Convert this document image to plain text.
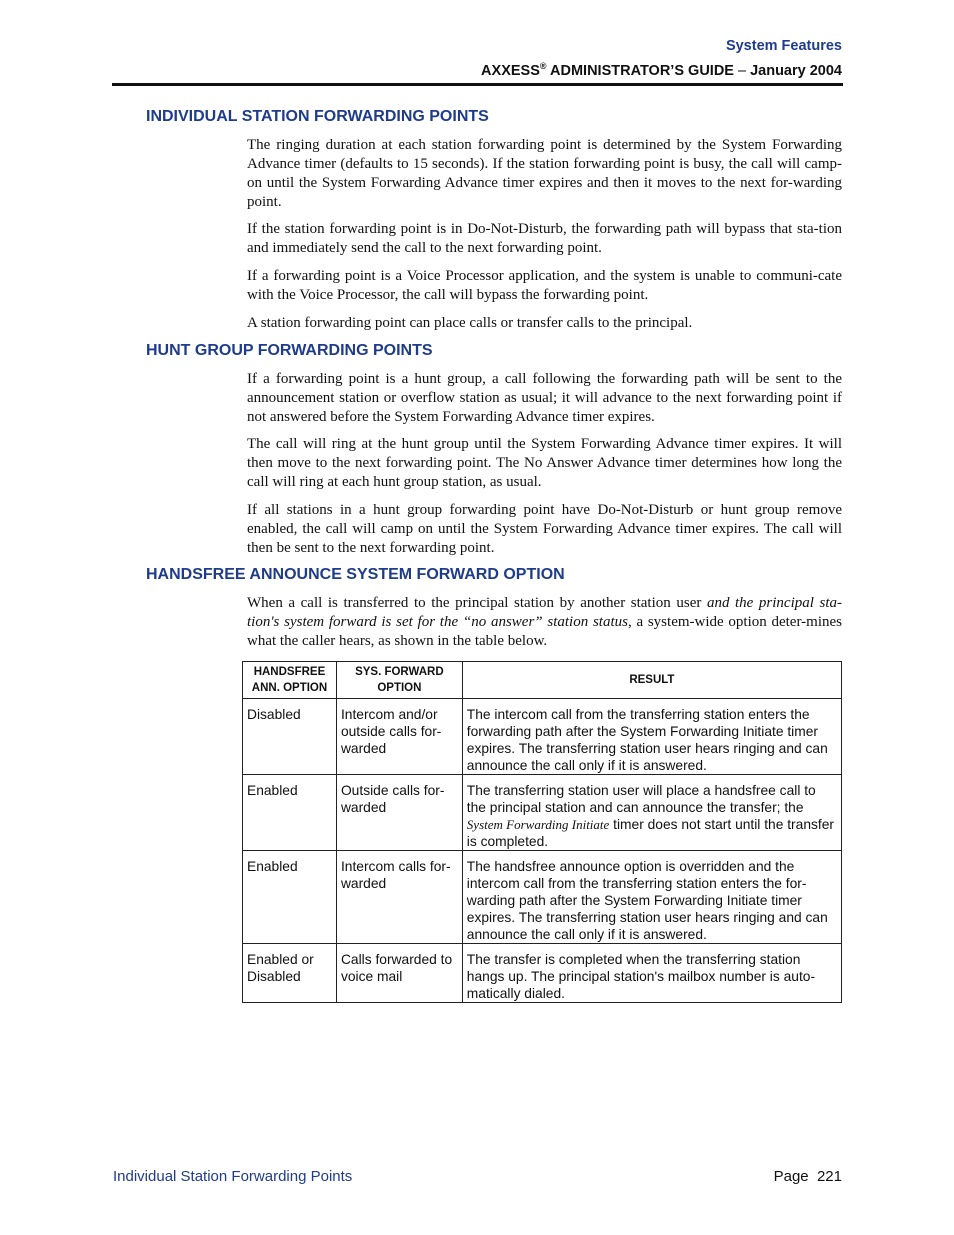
System Features
AXXESS® ADMINISTRATOR’S GUIDE – January 2004
INDIVIDUAL STATION FORWARDING POINTS

The ringing duration at each station forwarding point is determined by the System Forwarding Advance timer (defaults to 15 seconds). If the station forwarding point is busy, the call will camp-on until the System Forwarding Advance timer expires and then it moves to the next for-warding point.

If the station forwarding point is in Do-Not-Disturb, the forwarding path will bypass that sta-tion and immediately send the call to the next forwarding point.

If a forwarding point is a Voice Processor application, and the system is unable to communi-cate with the Voice Processor, the call will bypass the forwarding point.

A station forwarding point can place calls or transfer calls to the principal.

HUNT GROUP FORWARDING POINTS

If a forwarding point is a hunt group, a call following the forwarding path will be sent to the announcement station or overflow station as usual; it will advance to the next forwarding point if not answered before the System Forwarding Advance timer expires.

The call will ring at the hunt group until the System Forwarding Advance timer expires. It will then move to the next forwarding point. The No Answer Advance timer determines how long the call will ring at each hunt group station, as usual.

If all stations in a hunt group forwarding point have Do-Not-Disturb or hunt group remove enabled, the call will camp on until the System Forwarding Advance timer expires. The call will then be sent to the next forwarding point.

HANDSFREE ANNOUNCE SYSTEM FORWARD OPTION

When a call is transferred to the principal station by another station user and the principal sta-tion's system forward is set for the “no answer” station status, a system-wide option deter-mines what the caller hears, as shown in the table below.

HANDSFREE ANN. OPTION	SYS. FORWARD OPTION	RESULT
Disabled	Intercom and/or outside calls for-warded	The intercom call from the transferring station enters the forwarding path after the System Forwarding Initiate timer expires. The transferring station user hears ringing and can announce the call only if it is answered.
Enabled	Outside calls for-warded	The transferring station user will place a handsfree call to the principal station and can announce the transfer; the System Forwarding Initiate timer does not start until the transfer is completed.
Enabled	Intercom calls for-warded	The handsfree announce option is overridden and the intercom call from the transferring station enters the for-warding path after the System Forwarding Initiate timer expires. The transferring station user hears ringing and can announce the call only if it is answered.
Enabled or Disabled	Calls forwarded to voice mail	The transfer is completed when the transferring station hangs up. The principal station's mailbox number is auto-matically dialed.
Individual Station Forwarding Points	Page  221
